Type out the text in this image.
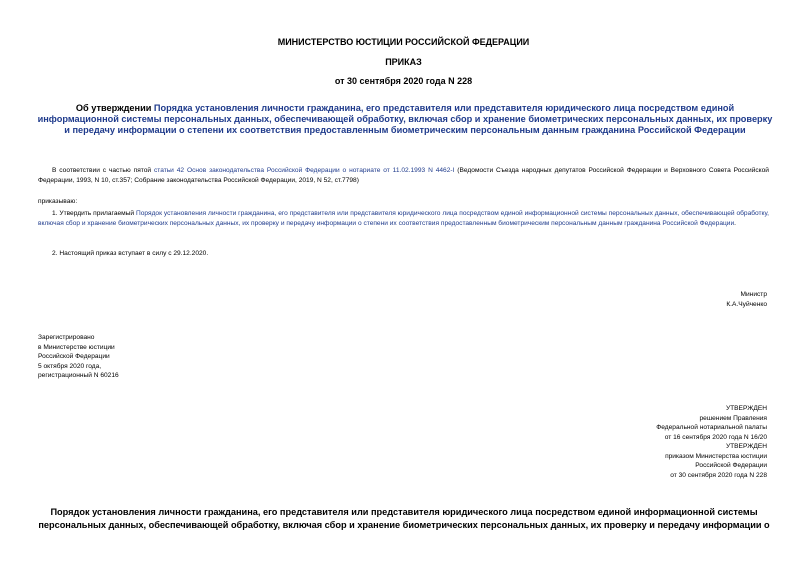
МИНИСТЕРСТВО ЮСТИЦИИ РОССИЙСКОЙ ФЕДЕРАЦИИ
ПРИКАЗ
от 30 сентября 2020 года N 228
Об утверждении Порядка установления личности гражданина, его представителя или представителя юридического лица посредством единой информационной системы персональных данных, обеспечивающей обработку, включая сбор и хранение биометрических персональных данных, их проверку и передачу информации о степени их соответствия предоставленным биометрическим персональным данным гражданина Российской Федерации
В соответствии с частью пятой статьи 42 Основ законодательства Российской Федерации о нотариате от 11.02.1993 N 4462-I (Ведомости Съезда народных депутатов Российской Федерации и Верховного Совета Российской Федерации, 1993, N 10, ст.357; Собрание законодательства Российской Федерации, 2019, N 52, ст.7798)
приказываю:
1. Утвердить прилагаемый Порядок установления личности гражданина, его представителя или представителя юридического лица посредством единой информационной системы персональных данных, обеспечивающей обработку, включая сбор и хранение биометрических персональных данных, их проверку и передачу информации о степени их соответствия предоставленным биометрическим персональным данным гражданина Российской Федерации.
2. Настоящий приказ вступает в силу с 29.12.2020.
Министр
К.А.Чуйченко
Зарегистрировано
в Министерстве юстиции
Российской Федерации
5 октября 2020 года,
регистрационный N 60216
УТВЕРЖДЕН
решением Правления
Федеральной нотариальной палаты
от 16 сентября 2020 года N 16/20
УТВЕРЖДЕН
приказом Министерства юстиции
Российской Федерации
от 30 сентября 2020 года N 228
Порядок установления личности гражданина, его представителя или представителя юридического лица посредством единой информационной системы
персональных данных, обеспечивающей обработку, включая сбор и хранение биометрических персональных данных, их проверку и передачу информации о
